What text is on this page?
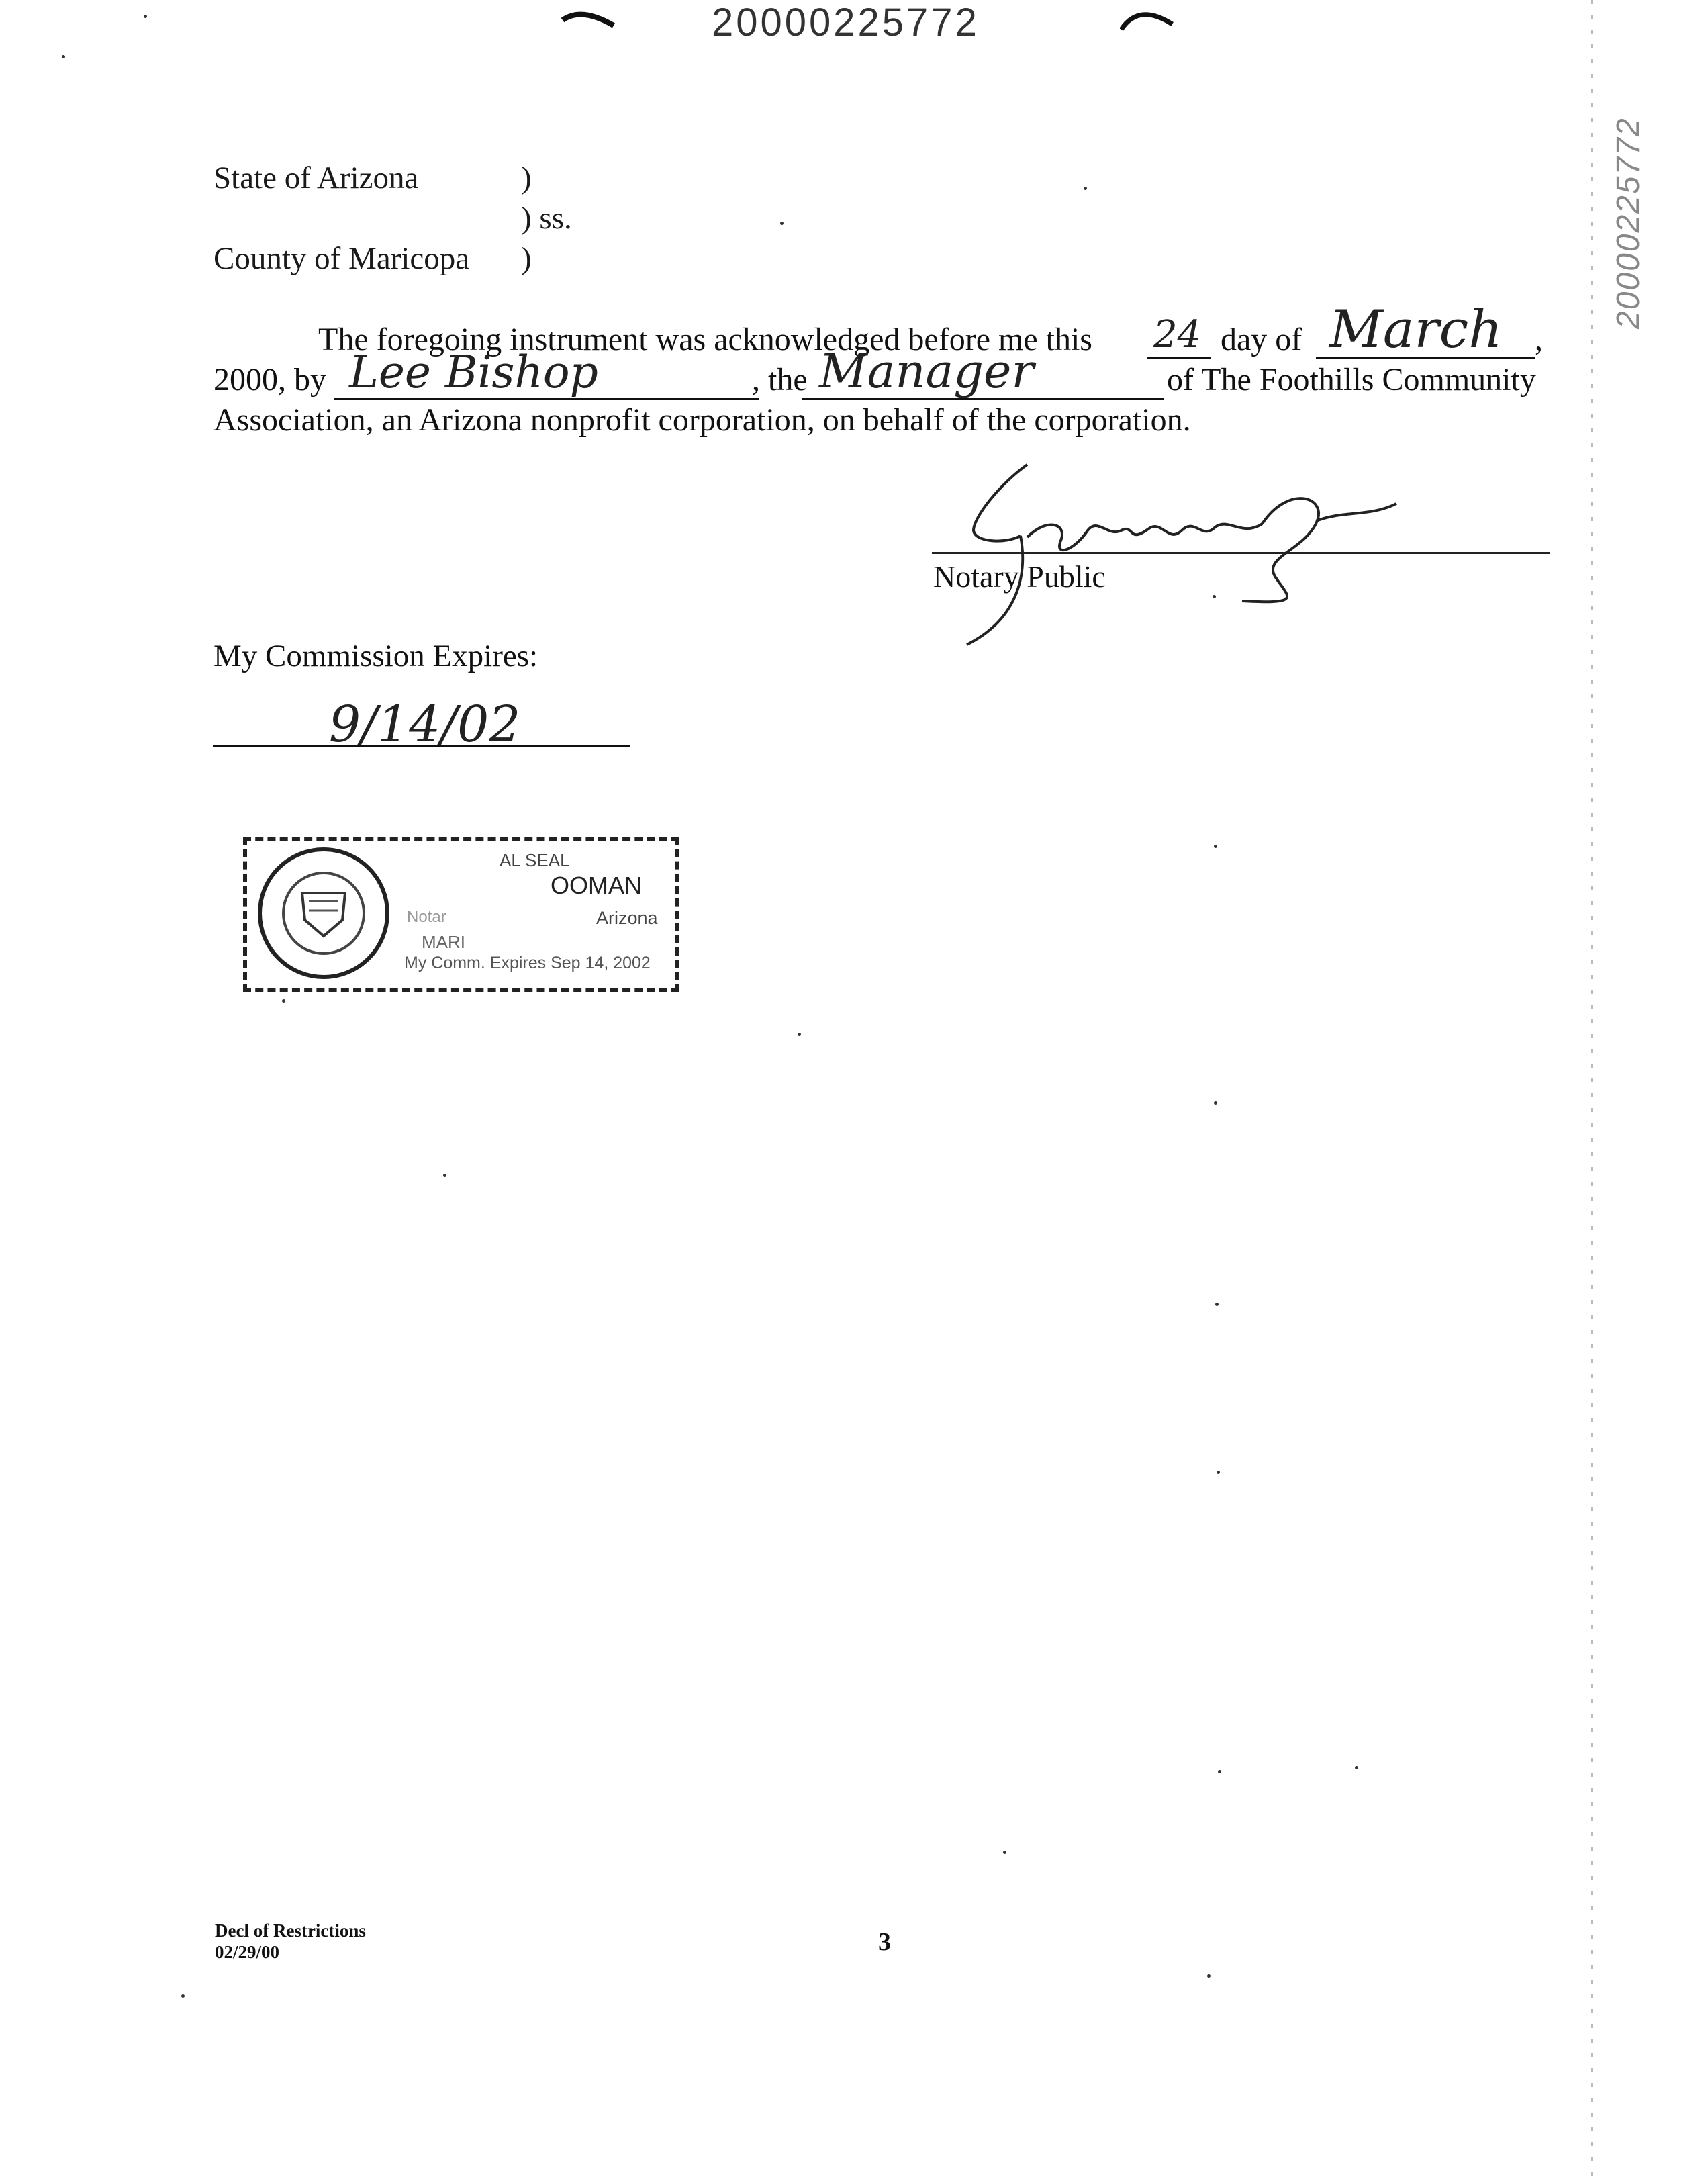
20000225772
20000225772
State of Arizona	)
) ss.
County of Maricopa )
The foregoing instrument was acknowledged before me this 24 day of March ,
2000, by Lee Bishop	, the Manager	of The Foothills Community
Association, an Arizona nonprofit corporation, on behalf of the corporation.
Notary Public
My Commission Expires:
9/14/02
AL SEAL
OOMAN
Notar	Arizona
MARI
My Comm. Expires Sep 14, 2002
Decl of Restrictions
02/29/00	3
